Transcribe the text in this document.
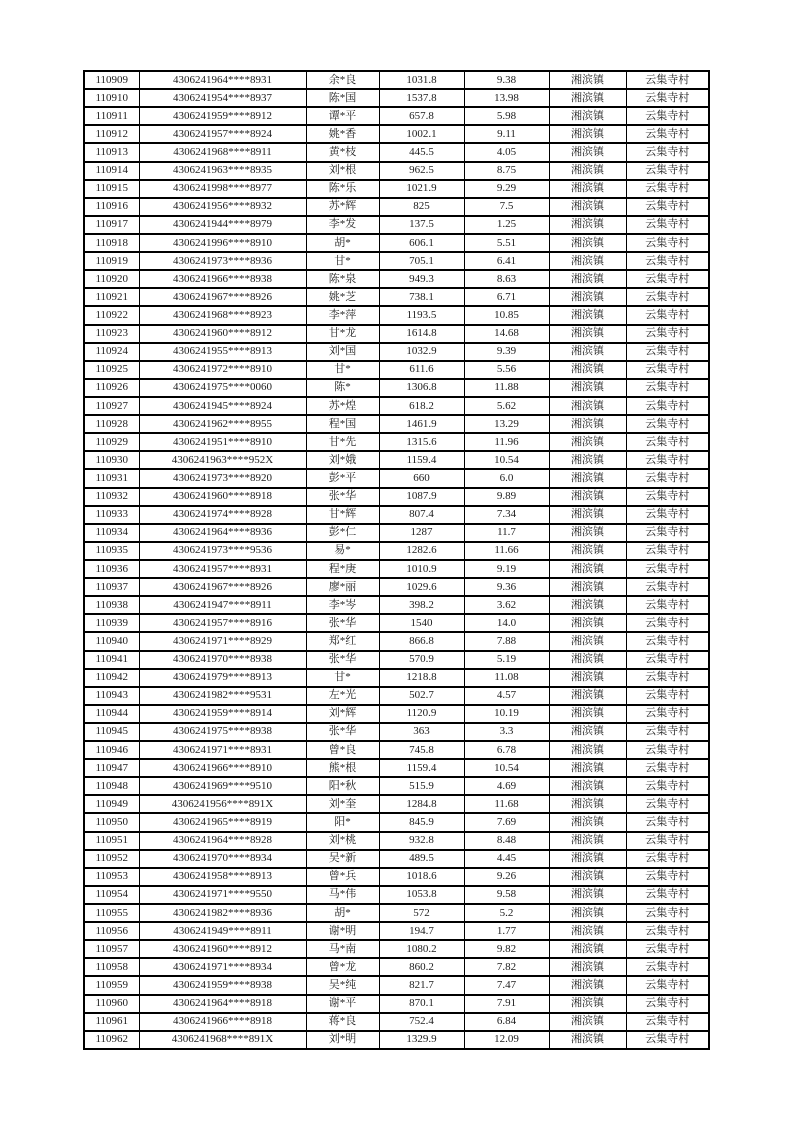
110909	4306241964****8931	余*良	1031.8	9.38	湘滨镇	云集寺村
110910	4306241954****8937	陈*国	1537.8	13.98	湘滨镇	云集寺村
110911	4306241959****8912	谭*平	657.8	5.98	湘滨镇	云集寺村
110912	4306241957****8924	姚*香	1002.1	9.11	湘滨镇	云集寺村
110913	4306241968****8911	黄*枝	445.5	4.05	湘滨镇	云集寺村
110914	4306241963****8935	刘*根	962.5	8.75	湘滨镇	云集寺村
110915	4306241998****8977	陈*乐	1021.9	9.29	湘滨镇	云集寺村
110916	4306241956****8932	苏*辉	825	7.5	湘滨镇	云集寺村
110917	4306241944****8979	李*发	137.5	1.25	湘滨镇	云集寺村
110918	4306241996****8910	胡*	606.1	5.51	湘滨镇	云集寺村
110919	4306241973****8936	甘*	705.1	6.41	湘滨镇	云集寺村
110920	4306241966****8938	陈*泉	949.3	8.63	湘滨镇	云集寺村
110921	4306241967****8926	姚*芝	738.1	6.71	湘滨镇	云集寺村
110922	4306241968****8923	李*萍	1193.5	10.85	湘滨镇	云集寺村
110923	4306241960****8912	甘*龙	1614.8	14.68	湘滨镇	云集寺村
110924	4306241955****8913	刘*国	1032.9	9.39	湘滨镇	云集寺村
110925	4306241972****8910	甘*	611.6	5.56	湘滨镇	云集寺村
110926	4306241975****0060	陈*	1306.8	11.88	湘滨镇	云集寺村
110927	4306241945****8924	苏*煌	618.2	5.62	湘滨镇	云集寺村
110928	4306241962****8955	程*国	1461.9	13.29	湘滨镇	云集寺村
110929	4306241951****8910	甘*先	1315.6	11.96	湘滨镇	云集寺村
110930	4306241963****952X	刘*娥	1159.4	10.54	湘滨镇	云集寺村
110931	4306241973****8920	彭*平	660	6.0	湘滨镇	云集寺村
110932	4306241960****8918	张*华	1087.9	9.89	湘滨镇	云集寺村
110933	4306241974****8928	甘*辉	807.4	7.34	湘滨镇	云集寺村
110934	4306241964****8936	彭*仁	1287	11.7	湘滨镇	云集寺村
110935	4306241973****9536	易*	1282.6	11.66	湘滨镇	云集寺村
110936	4306241957****8931	程*庚	1010.9	9.19	湘滨镇	云集寺村
110937	4306241967****8926	廖*丽	1029.6	9.36	湘滨镇	云集寺村
110938	4306241947****8911	李*岑	398.2	3.62	湘滨镇	云集寺村
110939	4306241957****8916	张*华	1540	14.0	湘滨镇	云集寺村
110940	4306241971****8929	郑*红	866.8	7.88	湘滨镇	云集寺村
110941	4306241970****8938	张*华	570.9	5.19	湘滨镇	云集寺村
110942	4306241979****8913	甘*	1218.8	11.08	湘滨镇	云集寺村
110943	4306241982****9531	左*光	502.7	4.57	湘滨镇	云集寺村
110944	4306241959****8914	刘*辉	1120.9	10.19	湘滨镇	云集寺村
110945	4306241975****8938	张*华	363	3.3	湘滨镇	云集寺村
110946	4306241971****8931	曾*良	745.8	6.78	湘滨镇	云集寺村
110947	4306241966****8910	熊*根	1159.4	10.54	湘滨镇	云集寺村
110948	4306241969****9510	阳*秋	515.9	4.69	湘滨镇	云集寺村
110949	4306241956****891X	刘*奎	1284.8	11.68	湘滨镇	云集寺村
110950	4306241965****8919	阳*	845.9	7.69	湘滨镇	云集寺村
110951	4306241964****8928	刘*桃	932.8	8.48	湘滨镇	云集寺村
110952	4306241970****8934	吴*新	489.5	4.45	湘滨镇	云集寺村
110953	4306241958****8913	曾*兵	1018.6	9.26	湘滨镇	云集寺村
110954	4306241971****9550	马*伟	1053.8	9.58	湘滨镇	云集寺村
110955	4306241982****8936	胡*	572	5.2	湘滨镇	云集寺村
110956	4306241949****8911	谢*明	194.7	1.77	湘滨镇	云集寺村
110957	4306241960****8912	马*南	1080.2	9.82	湘滨镇	云集寺村
110958	4306241971****8934	曾*龙	860.2	7.82	湘滨镇	云集寺村
110959	4306241959****8938	吴*纯	821.7	7.47	湘滨镇	云集寺村
110960	4306241964****8918	谢*平	870.1	7.91	湘滨镇	云集寺村
110961	4306241966****8918	蒋*良	752.4	6.84	湘滨镇	云集寺村
110962	4306241968****891X	刘*明	1329.9	12.09	湘滨镇	云集寺村
